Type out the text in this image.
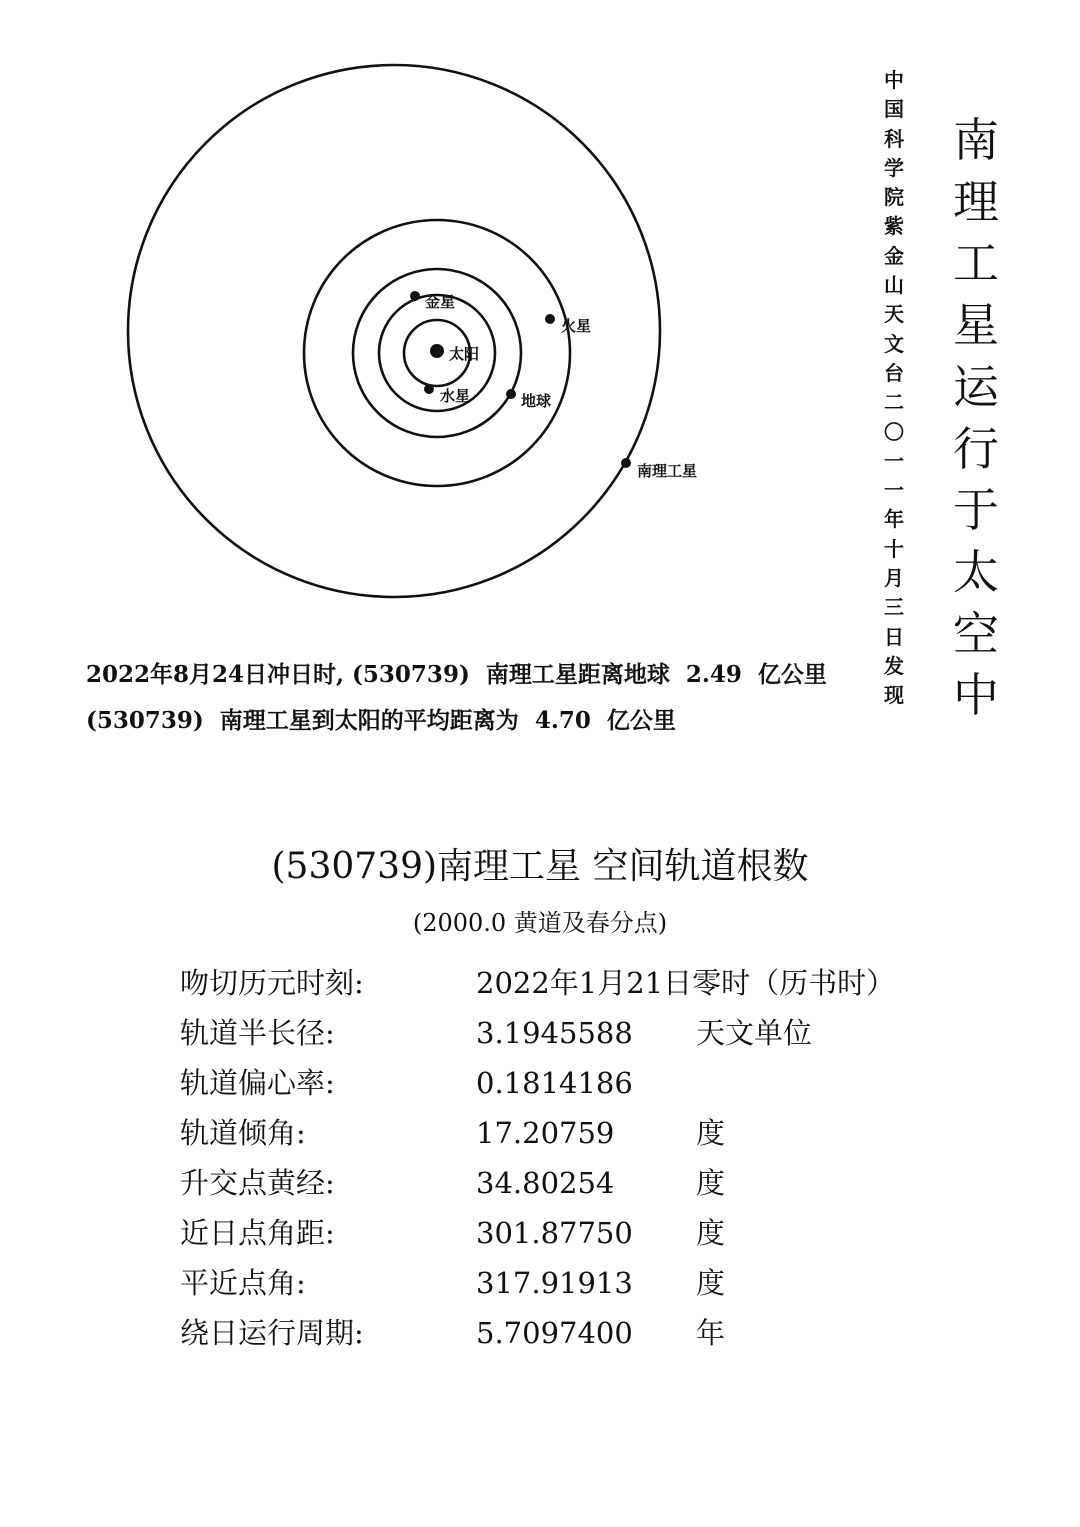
太阳
水星
金星
地球
火星
南理工星
中
国
科
学
院
紫
金
山
天
文
台
二
〇
一
一
年
十
月
三
日
发
现
南
理
工
星
运
行
于
太
空
中
2022年8月24日冲日时, (530739)  南理工星距离地球  2.49  亿公里
(530739)  南理工星到太阳的平均距离为  4.70  亿公里
(530739)南理工星 空间轨道根数
(2000.0 黄道及春分点)
吻切历元时刻:	2022年1月21日零时（历书时）
轨道半长径:	3.1945588 天文单位
轨道偏心率:	0.1814186
轨道倾角:	17.20759	度
升交点黄经:	34.80254	度
近日点角距:	301.87750 度
平近点角:	317.91913 度
绕日运行周期:	5.7097400 年
